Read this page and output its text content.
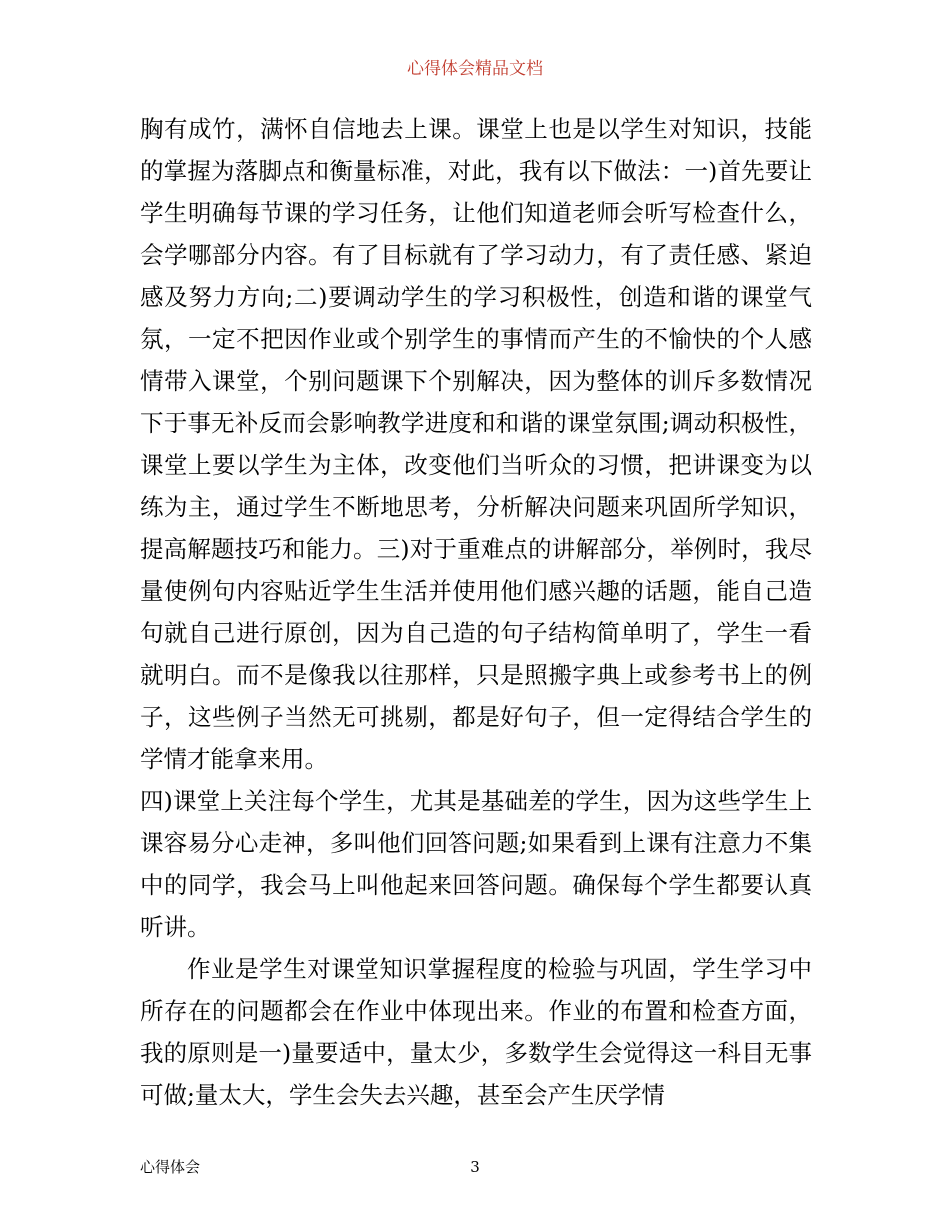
心得体会精品文档

胸有成竹，满怀自信地去上课。课堂上也是以学生对知识，技能的掌握为落脚点和衡量标准，对此，我有以下做法：一)首先要让学生明确每节课的学习任务，让他们知道老师会听写检查什么，会学哪部分内容。有了目标就有了学习动力，有了责任感、紧迫感及努力方向;二)要调动学生的学习积极性，创造和谐的课堂气氛，一定不把因作业或个别学生的事情而产生的不愉快的个人感情带入课堂，个别问题课下个别解决，因为整体的训斥多数情况下于事无补反而会影响教学进度和和谐的课堂氛围;调动积极性，课堂上要以学生为主体，改变他们当听众的习惯，把讲课变为以练为主，通过学生不断地思考，分析解决问题来巩固所学知识，提高解题技巧和能力。三)对于重难点的讲解部分，举例时，我尽量使例句内容贴近学生生活并使用他们感兴趣的话题，能自己造句就自己进行原创，因为自己造的句子结构简单明了，学生一看就明白。而不是像我以往那样，只是照搬字典上或参考书上的例子，这些例子当然无可挑剔，都是好句子，但一定得结合学生的学情才能拿来用。

四)课堂上关注每个学生，尤其是基础差的学生，因为这些学生上课容易分心走神，多叫他们回答问题;如果看到上课有注意力不集中的同学，我会马上叫他起来回答问题。确保每个学生都要认真听讲。

作业是学生对课堂知识掌握程度的检验与巩固，学生学习中所存在的问题都会在作业中体现出来。作业的布置和检查方面，我的原则是一)量要适中，量太少，多数学生会觉得这一科目无事可做;量太大，学生会失去兴趣，甚至会产生厌学情

心得体会	3
